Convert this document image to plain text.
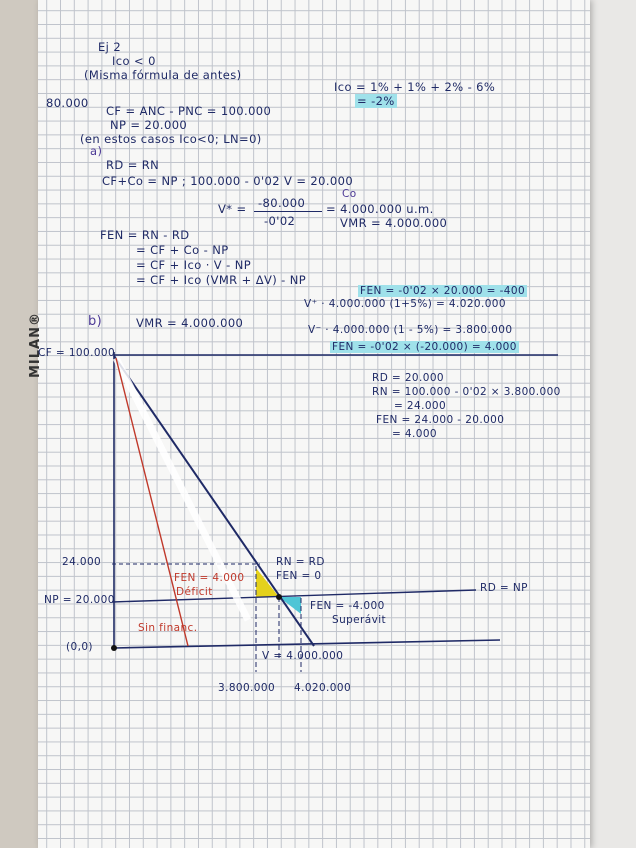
MILAN®
Ej 2
Ico < 0
(Misma fórmula de antes)
Ico = 1% + 1% + 2% - 6%
= -2%
80.000
CF = ANC - PNC = 100.000
NP = 20.000
(en estos casos Ico<0; LN=0)
a)
RD = RN
CF+Co = NP ; 100.000 - 0'02 V = 20.000
Co
V* = -80.000
-0'02
= 4.000.000 u.m.
VMR = 4.000.000
FEN = RN - RD
= CF + Co - NP
= CF + Ico · V - NP
= CF + Ico (VMR + ΔV) - NP
FEN = -0'02 × 20.000 = -400
b)	VMR = 4.000.000
V⁺ · 4.000.000 (1+5%) = 4.020.000
V⁻ · 4.000.000 (1 - 5%) = 3.800.000
FEN = -0'02 × (-20.000) = 4.000
RD = 20.000
RN = 100.000 - 0'02 × 3.800.000
= 24.000
FEN = 24.000 - 20.000
= 4.000
CF = 100.000
24.000
NP = 20.000
(0,0)
RN = RD
FEN = 0
FEN = 4.000
Déficit
Sin financ.
RD = NP
FEN = -4.000
Superávit
V = 4.000.000
3.800.000 4.020.000
